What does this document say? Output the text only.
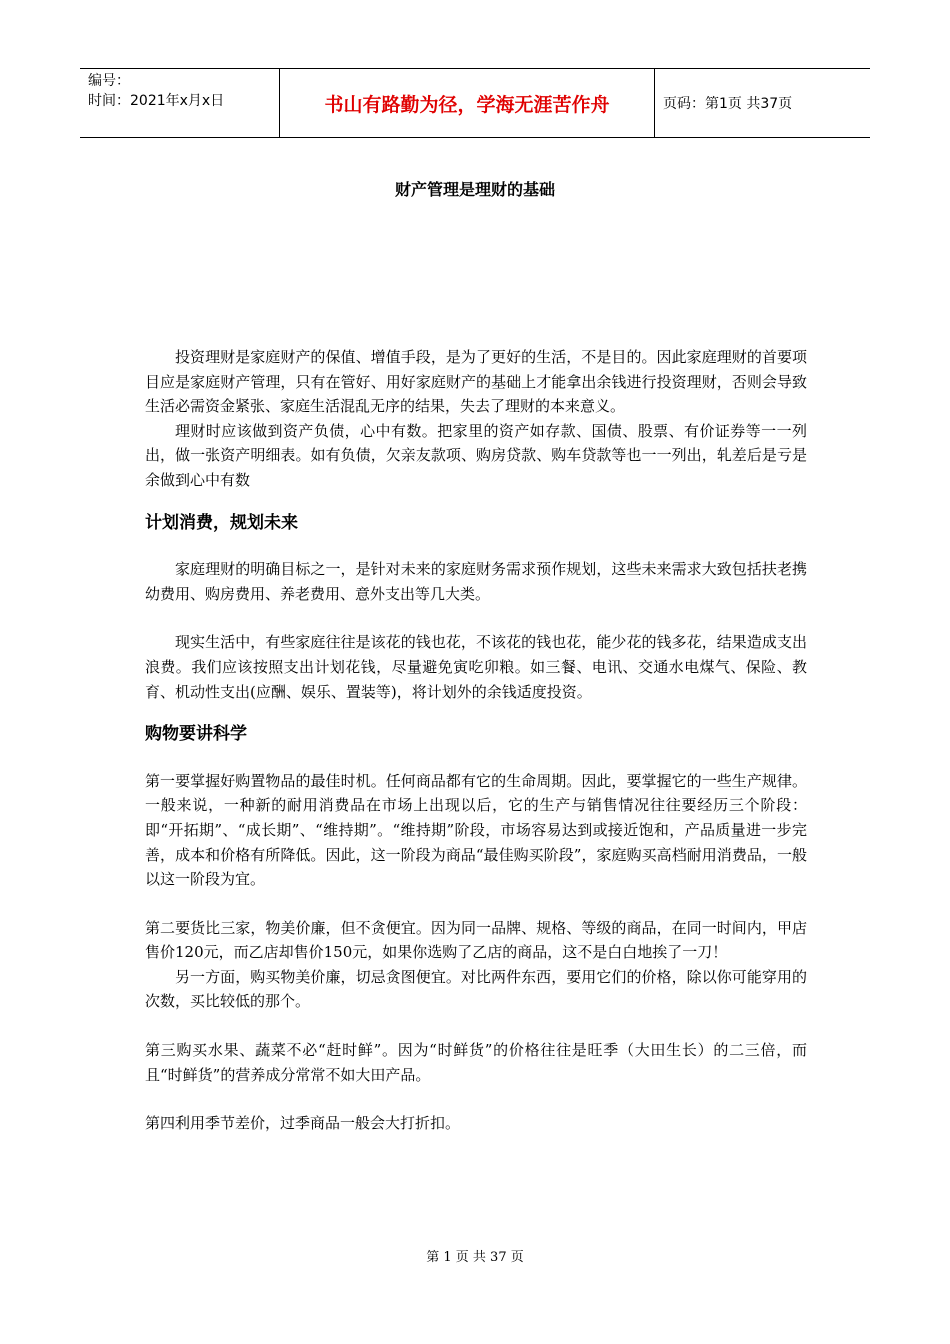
编号：
时间：2021年x月x日	书山有路勤为径，学海无涯苦作舟	页码：第1页 共37页
财产管理是理财的基础

投资理财是家庭财产的保值、增值手段，是为了更好的生活，不是目的。因此家庭理财的首要项目应是家庭财产管理，只有在管好、用好家庭财产的基础上才能拿出余钱进行投资理财，否则会导致生活必需资金紧张、家庭生活混乱无序的结果，失去了理财的本来意义。

理财时应该做到资产负债，心中有数。把家里的资产如存款、国债、股票、有价证券等一一列出，做一张资产明细表。如有负债，欠亲友款项、购房贷款、购车贷款等也一一列出，轧差后是亏是余做到心中有数

计划消费，规划未来

家庭理财的明确目标之一，是针对未来的家庭财务需求预作规划，这些未来需求大致包括扶老携幼费用、购房费用、养老费用、意外支出等几大类。

现实生活中，有些家庭往往是该花的钱也花，不该花的钱也花，能少花的钱多花，结果造成支出浪费。我们应该按照支出计划花钱，尽量避免寅吃卯粮。如三餐、电讯、交通水电煤气、保险、教育、机动性支出(应酬、娱乐、置装等)，将计划外的余钱适度投资。

购物要讲科学

第一要掌握好购置物品的最佳时机。任何商品都有它的生命周期。因此，要掌握它的一些生产规律。一般来说，一种新的耐用消费品在市场上出现以后，它的生产与销售情况往往要经历三个阶段：即“开拓期”、“成长期”、“维持期”。“维持期”阶段，市场容易达到或接近饱和，产品质量进一步完善，成本和价格有所降低。因此，这一阶段为商品“最佳购买阶段”，家庭购买高档耐用消费品，一般以这一阶段为宜。

第二要货比三家，物美价廉，但不贪便宜。因为同一品牌、规格、等级的商品，在同一时间内，甲店售价120元，而乙店却售价150元，如果你选购了乙店的商品，这不是白白地挨了一刀！

另一方面，购买物美价廉，切忌贪图便宜。对比两件东西，要用它们的价格，除以你可能穿用的次数，买比较低的那个。

第三购买水果、蔬菜不必“赶时鲜”。因为“时鲜货”的价格往往是旺季（大田生长）的二三倍，而且“时鲜货”的营养成分常常不如大田产品。

第四利用季节差价，过季商品一般会大打折扣。

第 1 页 共 37 页
